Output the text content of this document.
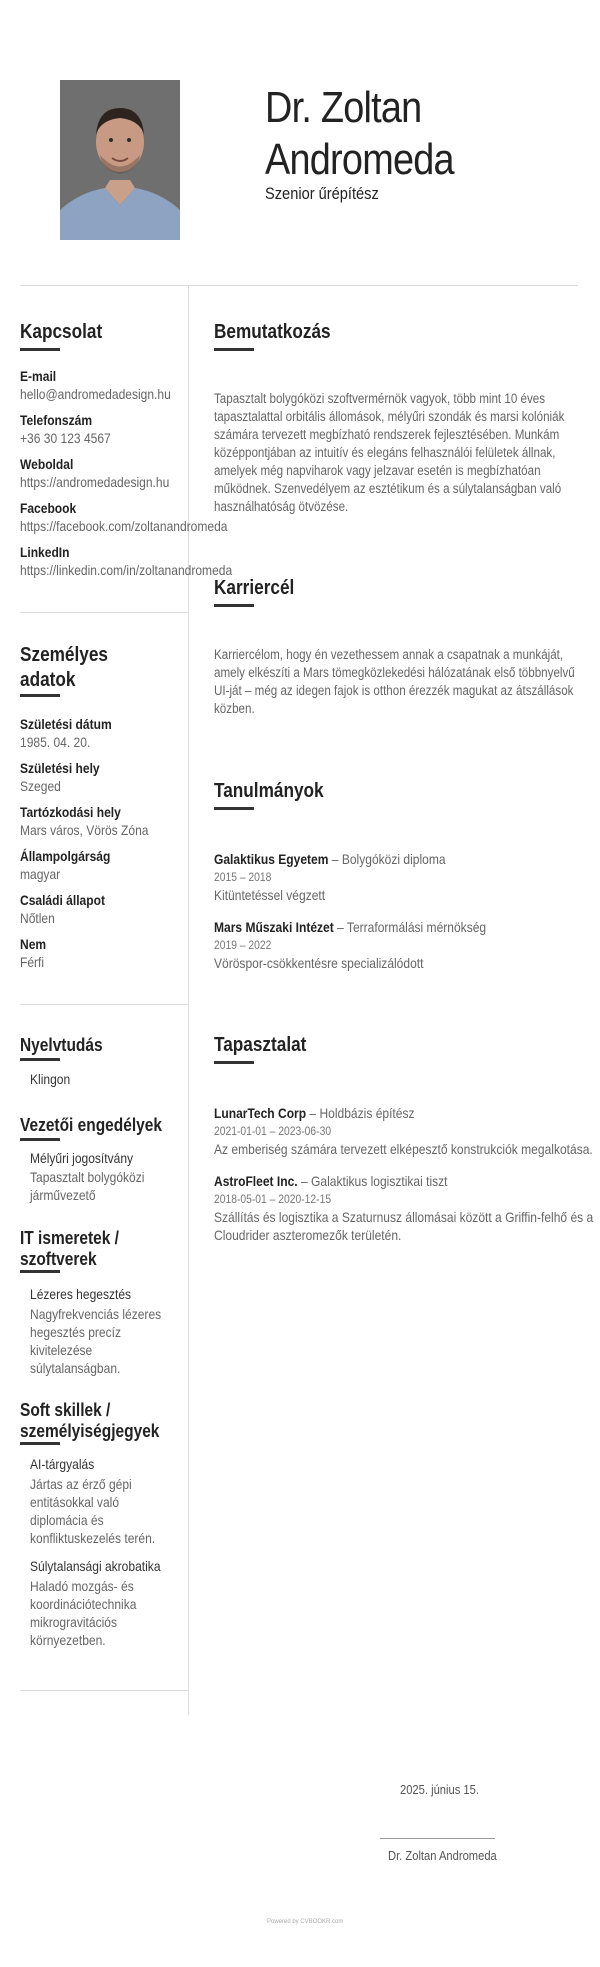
Dr. Zoltan
Andromeda
Szenior űrépítész
Kapcsolat
E-mail
hello@andromedadesign.hu
Telefonszám
+36 30 123 4567
Weboldal
https://andromedadesign.hu
Facebook
https://facebook.com/zoltanandromeda
LinkedIn
https://linkedin.com/in/zoltanandromeda
Személyes
adatok
Születési dátum
1985. 04. 20.
Születési hely
Szeged
Tartózkodási hely
Mars város, Vörös Zóna
Állampolgárság
magyar
Családi állapot
Nőtlen
Nem
Férfi
Nyelvtudás
Klingon
Vezetői engedélyek
Mélyűri jogosítvány
Tapasztalt bolygóközi
járművezető
IT ismeretek /
szoftverek
Lézeres hegesztés
Nagyfrekvenciás lézeres
hegesztés precíz
kivitelezése
súlytalanságban.
Soft skillek /
személyiségjegyek
AI-tárgyalás
Jártas az érző gépi
entitásokkal való
diplomácia és
konfliktuskezelés terén.
Súlytalansági akrobatika
Haladó mozgás- és
koordinációtechnika
mikrogravitációs
környezetben.
Bemutatkozás
Tapasztalt bolygóközi szoftvermérnök vagyok, több mint 10 éves
tapasztalattal orbitális állomások, mélyűri szondák és marsi kolóniák
számára tervezett megbízható rendszerek fejlesztésében. Munkám
középpontjában az intuitív és elegáns felhasználói felületek állnak,
amelyek még napviharok vagy jelzavar esetén is megbízhatóan
működnek. Szenvedélyem az esztétikum és a súlytalanságban való
használhatóság ötvözése.
Karriercél
Karriercélom, hogy én vezethessem annak a csapatnak a munkáját,
amely elkészíti a Mars tömegközlekedési hálózatának első többnyelvű
UI-ját – még az idegen fajok is otthon érezzék magukat az átszállások
közben.
Tanulmányok
Galaktikus Egyetem – Bolygóközi diploma
2015 – 2018
Kitüntetéssel végzett
Mars Műszaki Intézet – Terraformálási mérnökség
2019 – 2022
Vöröspor-csökkentésre specializálódott
Tapasztalat
LunarTech Corp – Holdbázis építész
2021-01-01 – 2023-06-30
Az emberiség számára tervezett elképesztő konstrukciók megalkotása.
AstroFleet Inc. – Galaktikus logisztikai tiszt
2018-05-01 – 2020-12-15
Szállítás és logisztika a Szaturnusz állomásai között a Griffin-felhő és a
Cloudrider aszteromezők területén.
2025. június 15.
Dr. Zoltan Andromeda
Powered by CVBOOKR.com
